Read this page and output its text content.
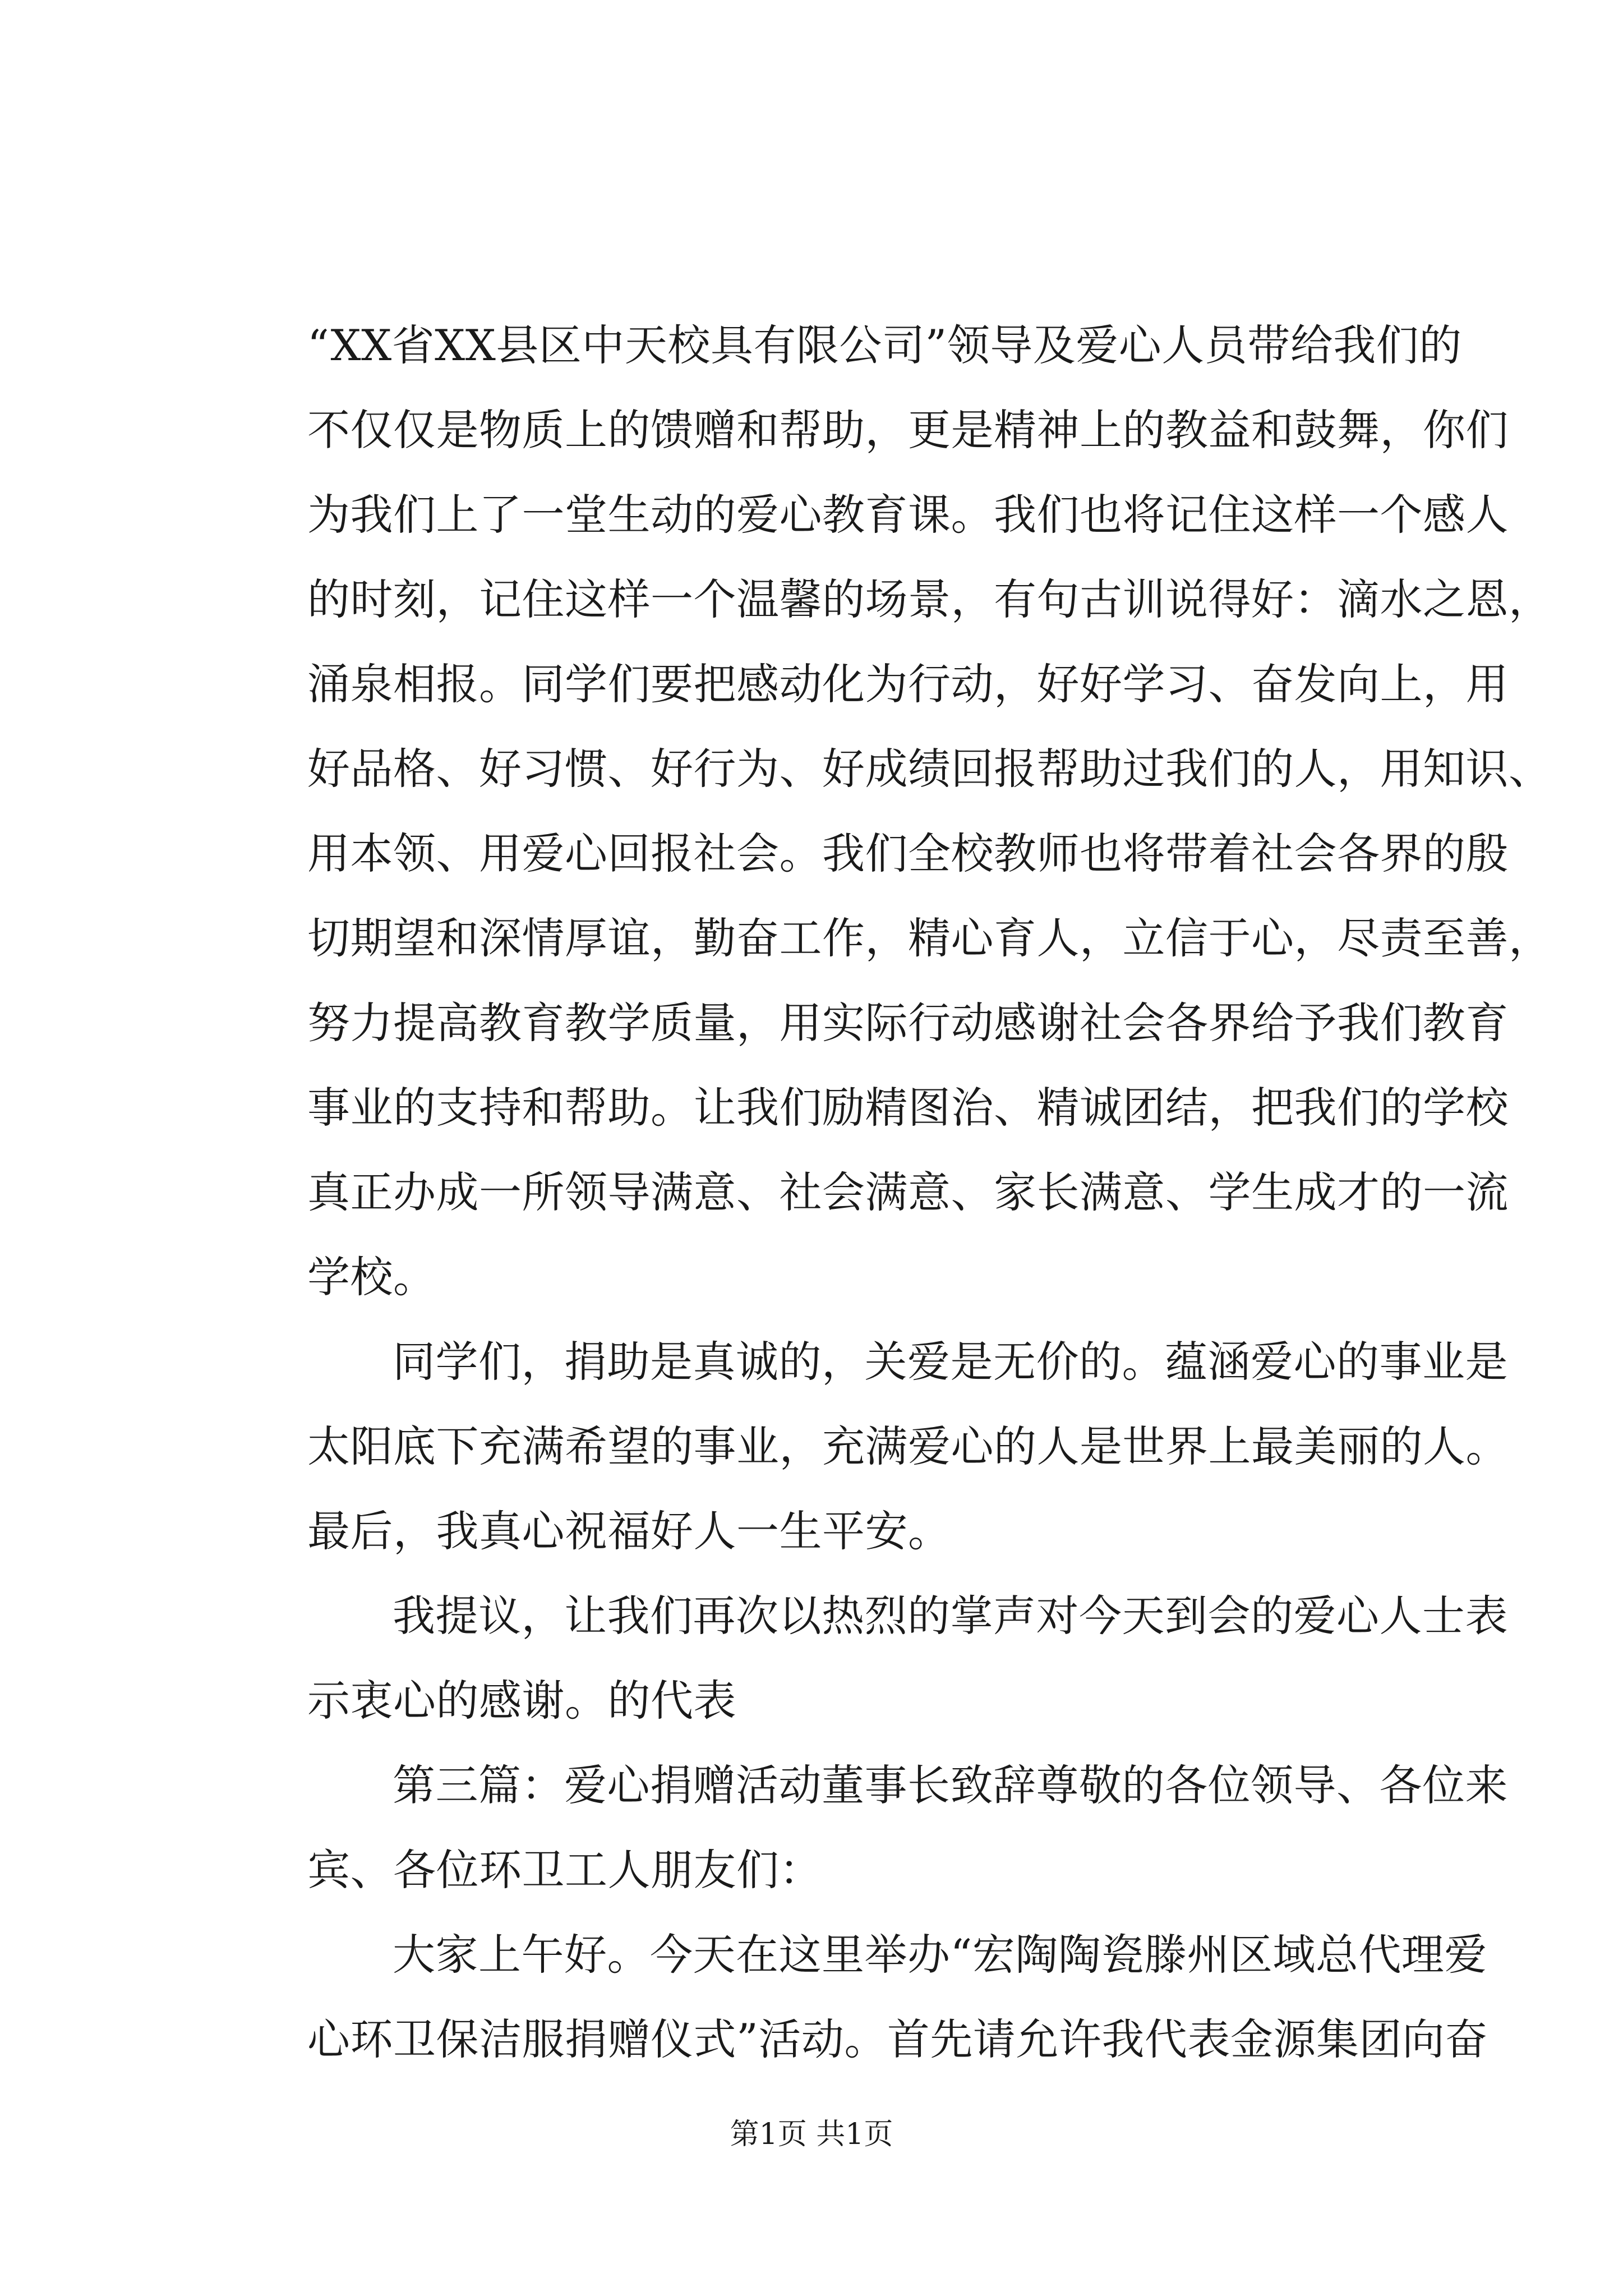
“XX省XX县区中天校具有限公司”领导及爱心人员带给我们的
不仅仅是物质上的馈赠和帮助，更是精神上的教益和鼓舞，你们
为我们上了一堂生动的爱心教育课。我们也将记住这样一个感人
的时刻，记住这样一个温馨的场景，有句古训说得好：滴水之恩，
涌泉相报。同学们要把感动化为行动，好好学习、奋发向上，用
好品格、好习惯、好行为、好成绩回报帮助过我们的人，用知识、
用本领、用爱心回报社会。我们全校教师也将带着社会各界的殷
切期望和深情厚谊，勤奋工作，精心育人，立信于心，尽责至善，
努力提高教育教学质量，用实际行动感谢社会各界给予我们教育
事业的支持和帮助。让我们励精图治、精诚团结，把我们的学校
真正办成一所领导满意、社会满意、家长满意、学生成才的一流
学校。
同学们，捐助是真诚的，关爱是无价的。蕴涵爱心的事业是
太阳底下充满希望的事业，充满爱心的人是世界上最美丽的人。
最后，我真心祝福好人一生平安。
我提议，让我们再次以热烈的掌声对今天到会的爱心人士表
示衷心的感谢。的代表
第三篇：爱心捐赠活动董事长致辞尊敬的各位领导、各位来
宾、各位环卫工人朋友们：
大家上午好。今天在这里举办“宏陶陶瓷滕州区域总代理爱
心环卫保洁服捐赠仪式”活动。首先请允许我代表金源集团向奋
第1页 共1页
